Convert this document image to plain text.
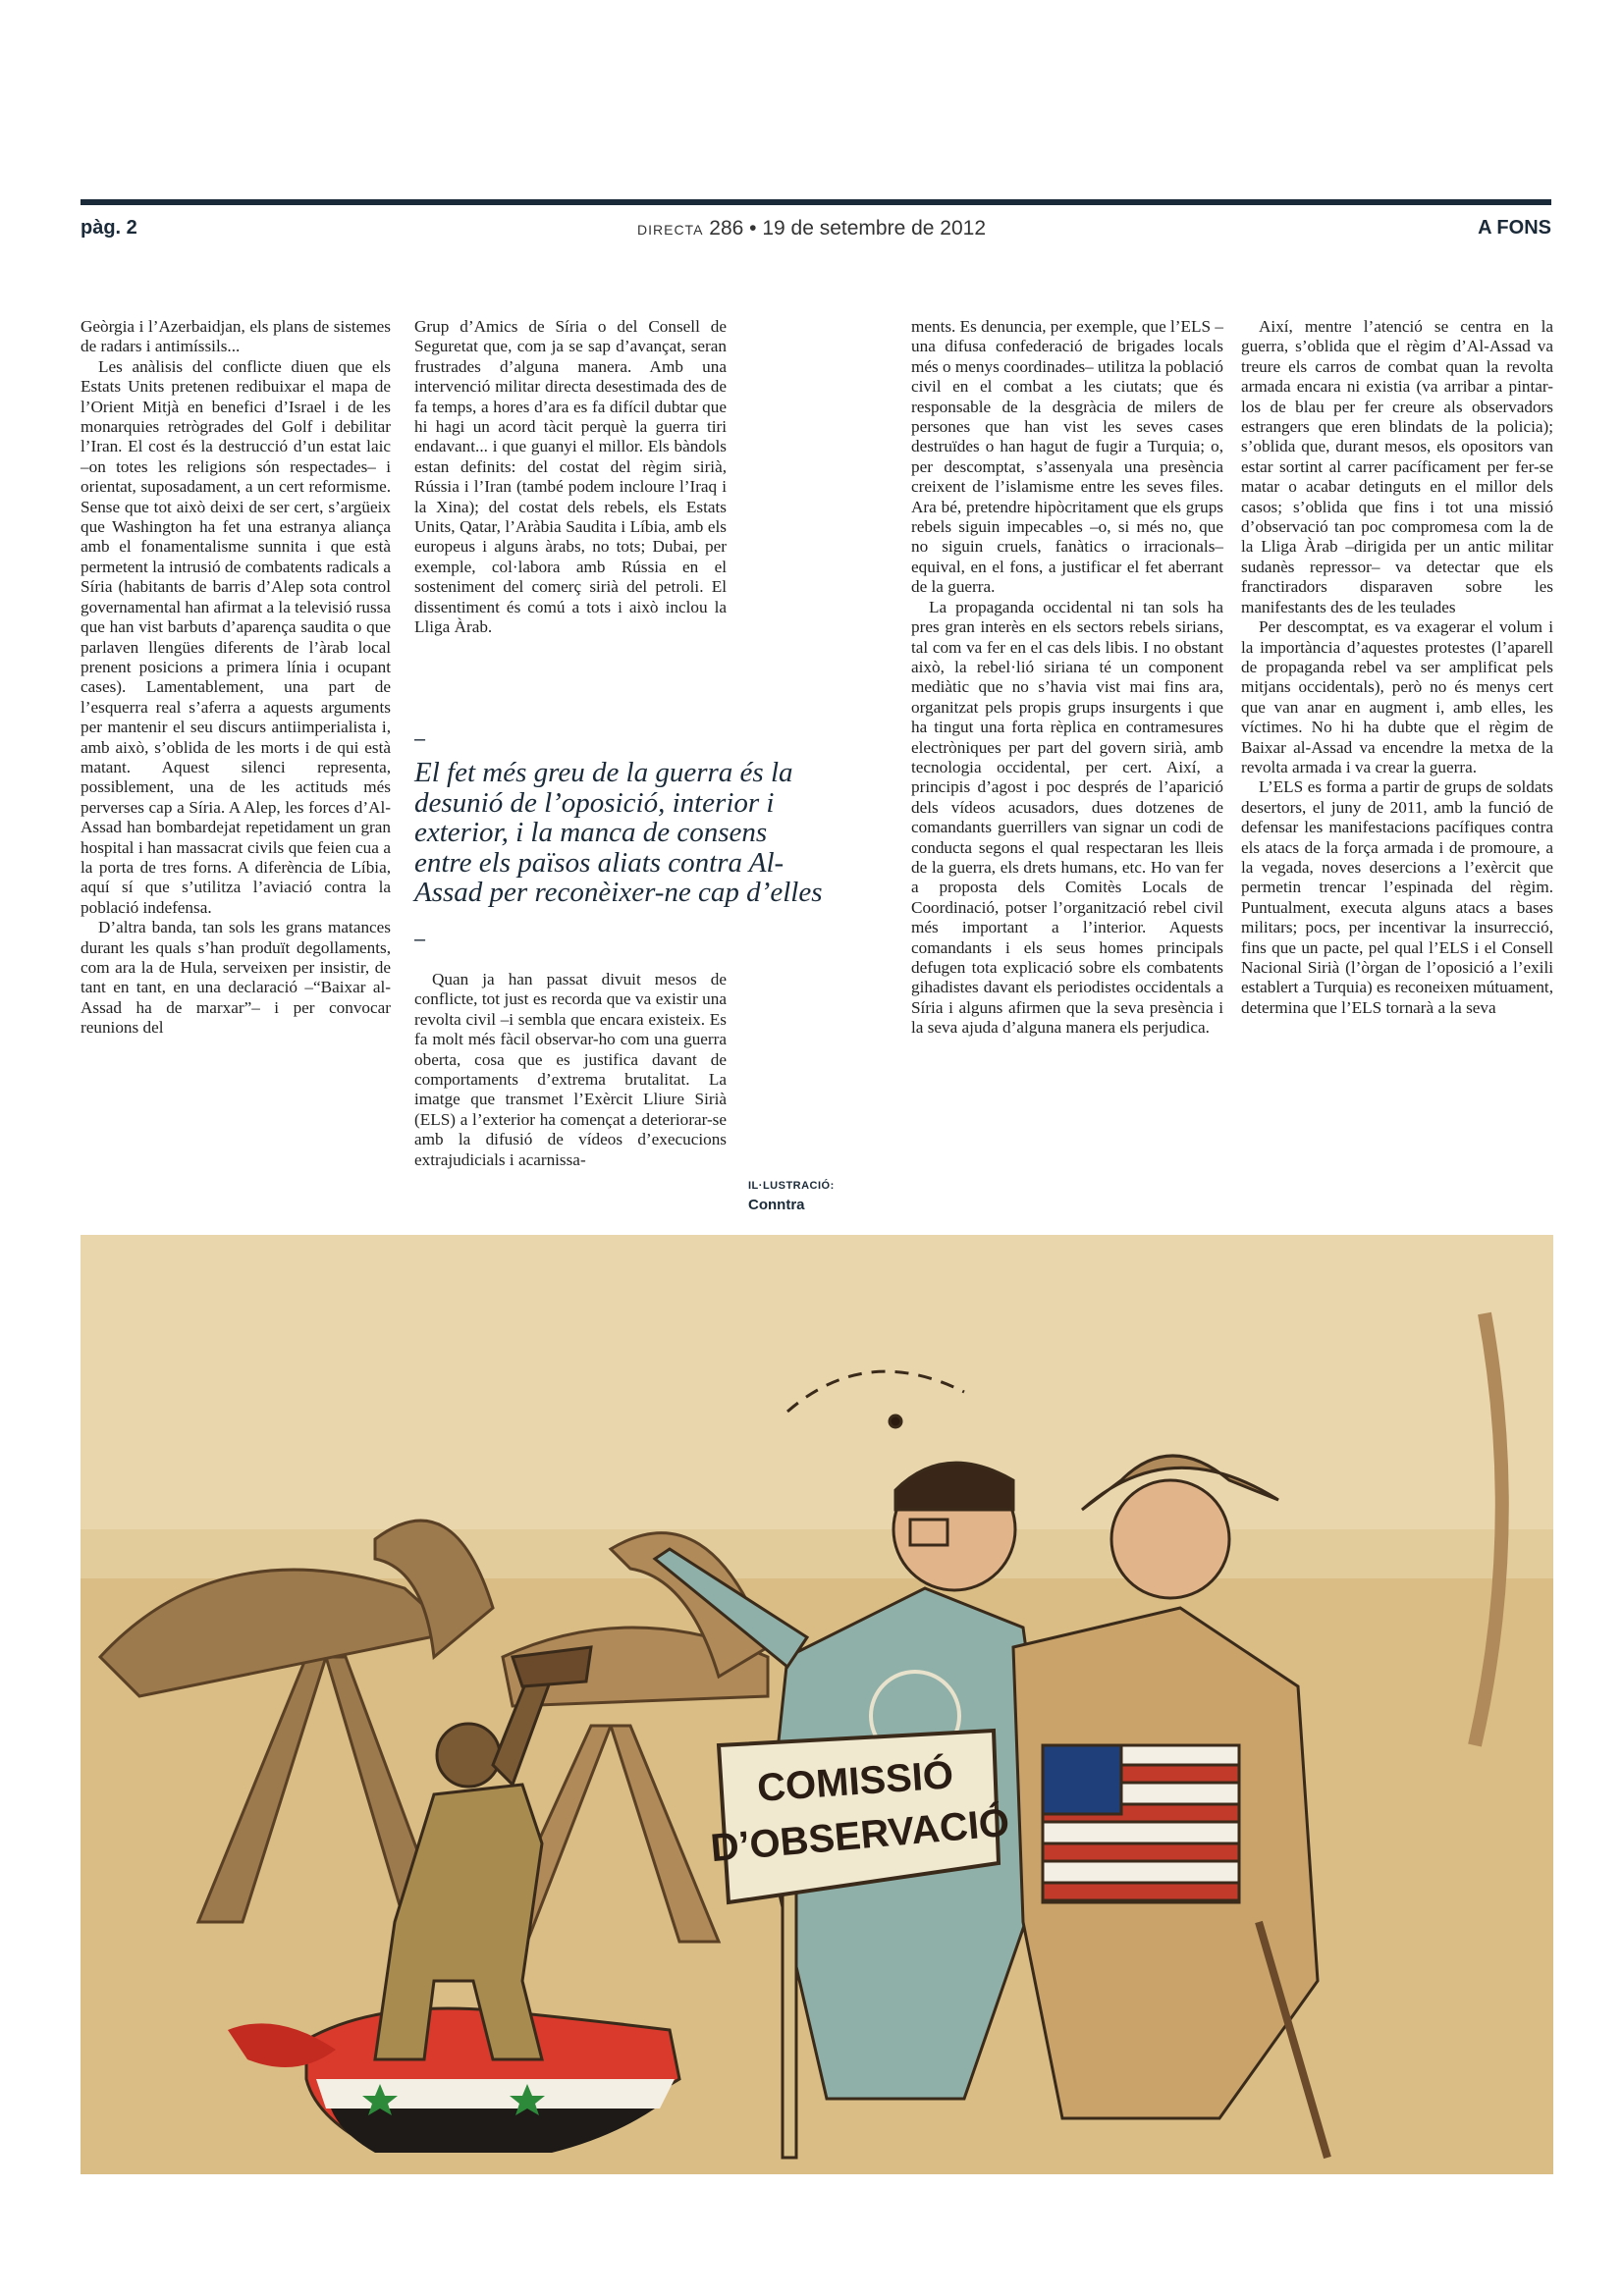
pàg. 2	DIRECTA 286 • 19 de setembre de 2012	A FONS

Geòrgia i l’Azerbaidjan, els plans de sistemes de radars i antimíssils...

Les anàlisis del conflicte diuen que els Estats Units pretenen redibuixar el mapa de l’Orient Mitjà en benefici d’Israel i de les monarquies retrògrades del Golf i debilitar l’Iran. El cost és la destrucció d’un estat laic –on totes les religions són respectades– i orientat, suposadament, a un cert reformisme. Sense que tot això deixi de ser cert, s’argüeix que Washington ha fet una estranya aliança amb el fonamentalisme sunnita i que està permetent la intrusió de combatents radicals a Síria (habitants de barris d’Alep sota control governamental han afirmat a la televisió russa que han vist barbuts d’aparença saudita o que parlaven llengües diferents de l’àrab local prenent posicions a primera línia i ocupant cases). Lamentablement, una part de l’esquerra real s’aferra a aquests arguments per mantenir el seu discurs antiimperialista i, amb això, s’oblida de les morts i de qui està matant. Aquest silenci representa, possiblement, una de les actituds més perverses cap a Síria. A Alep, les forces d’Al-Assad han bombardejat repetidament un gran hospital i han massacrat civils que feien cua a la porta de tres forns. A diferència de Líbia, aquí sí que s’utilitza l’aviació contra la població indefensa.

D’altra banda, tan sols les grans matances durant les quals s’han produït degollaments, com ara la de Hula, serveixen per insistir, de tant en tant, en una declaració –“Baixar al-Assad ha de marxar”– i per convocar reunions del

Grup d’Amics de Síria o del Consell de Seguretat que, com ja se sap d’avançat, seran frustrades d’alguna manera. Amb una intervenció militar directa desestimada des de fa temps, a hores d’ara es fa difícil dubtar que hi hagi un acord tàcit perquè la guerra tiri endavant... i que guanyi el millor. Els bàndols estan definits: del costat del règim sirià, Rússia i l’Iran (també podem incloure l’Iraq i la Xina); del costat dels rebels, els Estats Units, Qatar, l’Aràbia Saudita i Líbia, amb els europeus i alguns àrabs, no tots; Dubai, per exemple, col·labora amb Rússia en el sosteniment del comerç sirià del petroli. El dissentiment és comú a tots i això inclou la Lliga Àrab.

–
El fet més greu de la guerra és la desunió de l’oposició, interior i exterior, i la manca de consens entre els països aliats contra Al-Assad per reconèixer-ne cap d’elles
–

Quan ja han passat divuit mesos de conflicte, tot just es recorda que va existir una revolta civil –i sembla que encara existeix. Es fa molt més fàcil observar-ho com una guerra oberta, cosa que es justifica davant de comportaments d’extrema brutalitat. La imatge que transmet l’Exèrcit Lliure Sirià (ELS) a l’exterior ha començat a deteriorar-se amb la difusió de vídeos d’execucions extrajudicials i acarnissa-

IL·LUSTRACIÓ:
Conntra

ments. Es denuncia, per exemple, que l’ELS –una difusa confederació de brigades locals més o menys coordinades– utilitza la població civil en el combat a les ciutats; que és responsable de la desgràcia de milers de persones que han vist les seves cases destruïdes o han hagut de fugir a Turquia; o, per descomptat, s’assenyala una presència creixent de l’islamisme entre les seves files. Ara bé, pretendre hipòcritament que els grups rebels siguin impecables –o, si més no, que no siguin cruels, fanàtics o irracionals– equival, en el fons, a justificar el fet aberrant de la guerra.

La propaganda occidental ni tan sols ha pres gran interès en els sectors rebels sirians, tal com va fer en el cas dels libis. I no obstant això, la rebel·lió siriana té un component mediàtic que no s’havia vist mai fins ara, organitzat pels propis grups insurgents i que ha tingut una forta rèplica en contramesures electròniques per part del govern sirià, amb tecnologia occidental, per cert. Així, a principis d’agost i poc després de l’aparició dels vídeos acusadors, dues dotzenes de comandants guerrillers van signar un codi de conducta segons el qual respectaran les lleis de la guerra, els drets humans, etc. Ho van fer a proposta dels Comitès Locals de Coordinació, potser l’organització rebel civil més important a l’interior. Aquests comandants i els seus homes principals defugen tota explicació sobre els combatents gihadistes davant els periodistes occidentals a Síria i alguns afirmen que la seva presència i la seva ajuda d’alguna manera els perjudica.

Així, mentre l’atenció se centra en la guerra, s’oblida que el règim d’Al-Assad va treure els carros de combat quan la revolta armada encara ni existia (va arribar a pintar-los de blau per fer creure als observadors estrangers que eren blindats de la policia); s’oblida que, durant mesos, els opositors van estar sortint al carrer pacíficament per fer-se matar o acabar detinguts en el millor dels casos; s’oblida que fins i tot una missió d’observació tan poc compromesa com la de la Lliga Àrab –dirigida per un antic militar sudanès repressor– va detectar que els franctiradors disparaven sobre les manifestants des de les teulades

Per descomptat, es va exagerar el volum i la importància d’aquestes protestes (l’aparell de propaganda rebel va ser amplificat pels mitjans occidentals), però no és menys cert que van anar en augment i, amb elles, les víctimes. No hi ha dubte que el règim de Baixar al-Assad va encendre la metxa de la revolta armada i va crear la guerra.

L’ELS es forma a partir de grups de soldats desertors, el juny de 2011, amb la funció de defensar les manifestacions pacífiques contra els atacs de la força armada i de promoure, a la vegada, noves desercions a l’exèrcit que permetin trencar l’espinada del règim. Puntualment, executa alguns atacs a bases militars; pocs, per incentivar la insurrecció, fins que un pacte, pel qual l’ELS i el Consell Nacional Sirià (l’òrgan de l’oposició a l’exili establert a Turquia) es reconeixen mútuament, determina que l’ELS tornarà a la seva

COMISSIÓ
D’OBSERVACIÓ
